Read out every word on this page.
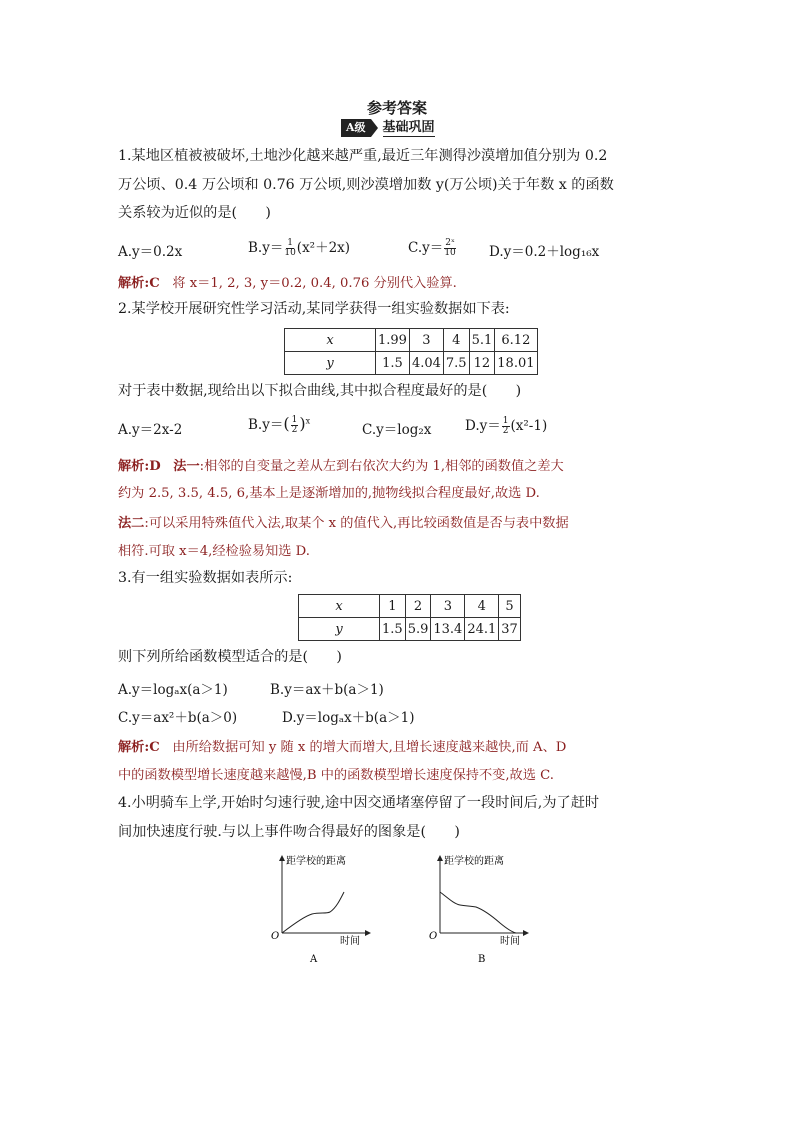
参考答案
A级	基础巩固
1.某地区植被被破坏,土地沙化越来越严重,最近三年测得沙漠增加值分别为 0.2
万公顷、0.4 万公顷和 0.76 万公顷,则沙漠增加数 y(万公顷)关于年数 x 的函数
关系较为近似的是(　　)
A.y＝0.2x	$B.y= \frac{1}{10} (x^2+2x)$	$C.y= \frac{\text{2ˣ}}{10} D.y=0.2+\log_{16}x$
解析:C 将 x＝1, 2, 3, y＝0.2, 0.4, 0.76 分别代入验算.
2.某学校开展研究性学习活动,某同学获得一组实验数据如下表:
x	1.99	3	4	5.1	6.12
y	1.5	4.04	7.5	12	18.01
对于表中数据,现给出以下拟合曲线,其中拟合程度最好的是(　　)
A.y＝2x-2	$B.y=( \frac{1}{2} )^x$
C.y＝log₂x $D.y= \frac{1}{2} (x^2-1)$
解析:D 法一:相邻的自变量之差从左到右依次大约为 1,相邻的函数值之差大
约为 2.5, 3.5, 4.5, 6,基本上是逐渐增加的,抛物线拟合程度最好,故选 D.
法二:可以采用特殊值代入法,取某个 x 的值代入,再比较函数值是否与表中数据
相符.可取 x＝4,经检验易知选 D.
3.有一组实验数据如表所示:
x	1	2	3	4	5
y	1.5	5.9	13.4	24.1	37
则下列所给函数模型适合的是(　　)
A.y＝logₐx(a＞1)	B.y＝ax＋b(a＞1)
C.y＝ax²＋b(a＞0)	D.y＝logₐx＋b(a＞1)
解析:C 由所给数据可知 y 随 x 的增大而增大,且增长速度越来越快,而 A、D
中的函数模型增长速度越来越慢,B 中的函数模型增长速度保持不变,故选 C.
4.小明骑车上学,开始时匀速行驶,途中因交通堵塞停留了一段时间后,为了赶时
间加快速度行驶.与以上事件吻合得最好的图象是(　　)
距学校的距离
时间
O
A
距学校的距离
时间
O
B
